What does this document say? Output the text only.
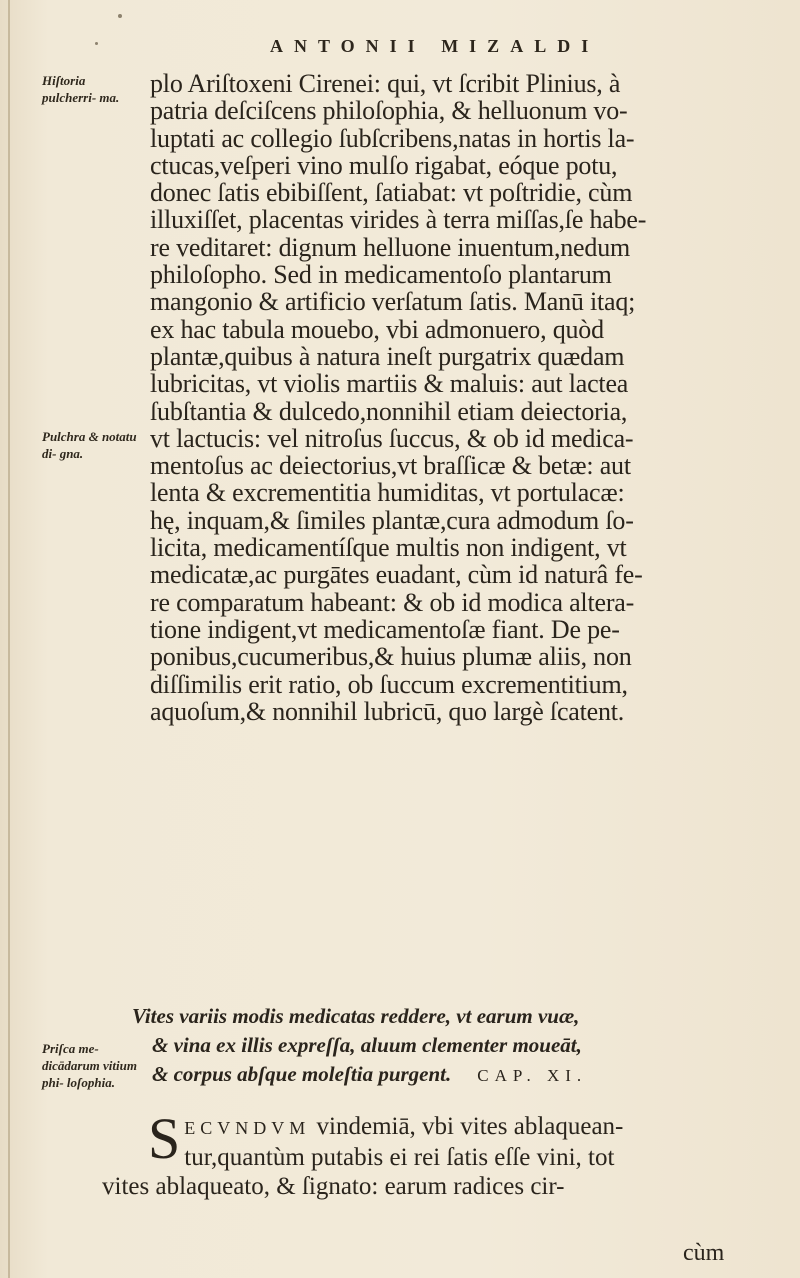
ANTONII MIZALDI
Hiſtoria pulcherri- ma.
Pulchra & notatu di- gna.
Priſca me- dicādarum vitium phi- loſophia.
plo Ariſtoxeni Cirenei: qui, vt ſcribit Plinius, à
patria deſciſcens philoſophia, & helluonum vo-
luptati ac collegio ſubſcribens,natas in hortis la-
ctucas,veſperi vino mulſo rigabat, eóque potu,
donec ſatis ebibiſſent, ſatiabat: vt poſtridie, cùm
illuxiſſet, placentas virides à terra miſſas,ſe habe-
re veditaret: dignum helluone inuentum,nedum
philoſopho. Sed in medicamentoſo plantarum
mangonio & artificio verſatum ſatis. Manū itaq;
ex hac tabula mouebo, vbi admonuero, quòd
plantæ,quibus à natura ineſt purgatrix quædam
lubricitas, vt violis martiis & maluis: aut lactea
ſubſtantia & dulcedo,nonnihil etiam deiectoria,
vt lactucis: vel nitroſus ſuccus, & ob id medica-
mentoſus ac deiectorius,vt braſſicæ & betæ: aut
lenta & excrementitia humiditas, vt portulacæ:
hę, inquam,& ſimiles plantæ,cura admodum ſo-
licita, medicamentíſque multis non indigent, vt
medicatæ,ac purgātes euadant, cùm id naturâ fe-
re comparatum habeant: & ob id modica altera-
tione indigent,vt medicamentoſæ fiant. De pe-
ponibus,cucumeribus,& huius plumæ aliis, non
diſſimilis erit ratio, ob ſuccum excrementitium,
aquoſum,& nonnihil lubricū, quo largè ſcatent.
Vites variis modis medicatas reddere, vt earum vuæ,
& vina ex illis expreſſa, aluum clementer moueāt,
& corpus abſque moleſtia purgent. CAP. XI.
S ECVNDVM vindemiā, vbi vites ablaquean-
tur,quantùm putabis ei rei ſatis eſſe vini, tot
vites ablaqueato, & ſignato: earum radices cir-
cùm
